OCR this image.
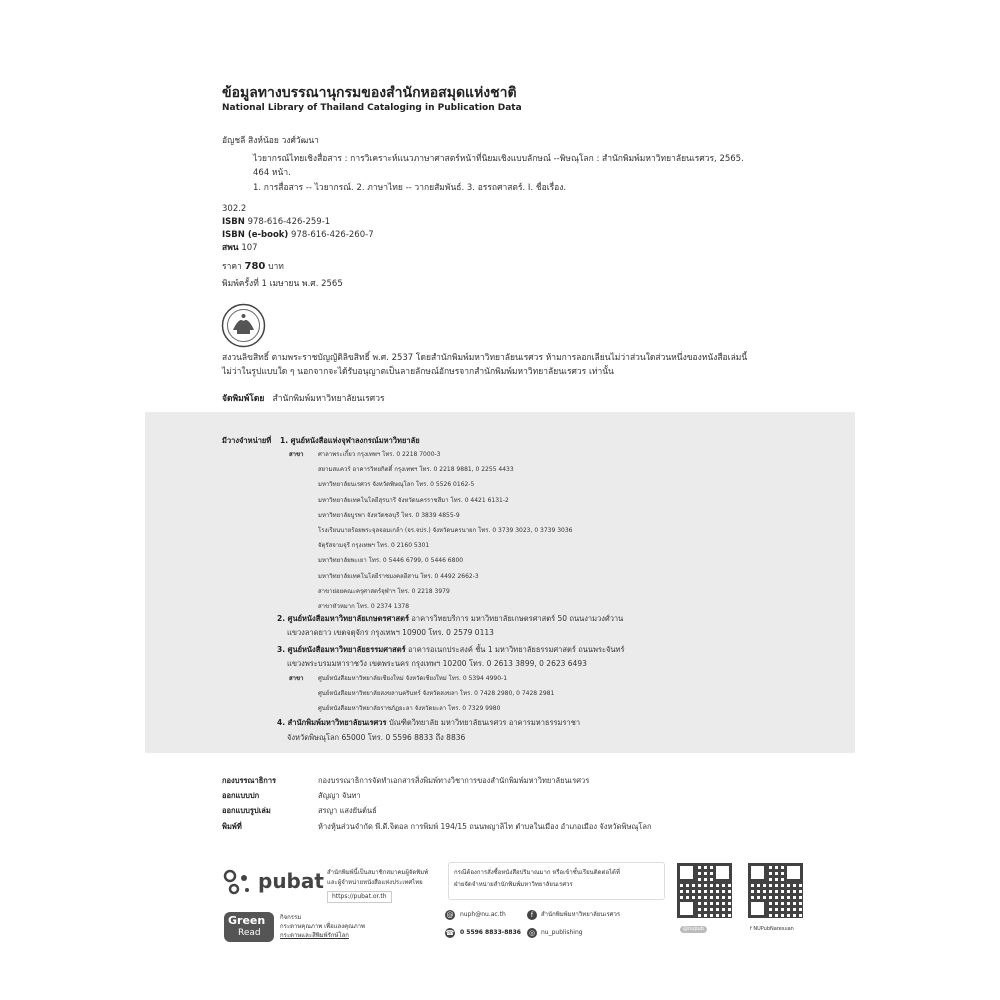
ข้อมูลทางบรรณานุกรมของสำนักหอสมุดแห่งชาติ
National Library of Thailand Cataloging in Publication Data
อัญชลี สิงห์น้อย วงศ์วัฒนา
ไวยากรณ์ไทยเชิงสื่อสาร : การวิเคราะห์แนวภาษาศาสตร์หน้าที่นิยมเชิงแบบลักษณ์ --พิษณุโลก : สำนักพิมพ์มหาวิทยาลัยนเรศวร, 2565.
464 หน้า.
1. การสื่อสาร -- ไวยากรณ์. 2. ภาษาไทย -- วากยสัมพันธ์. 3. อรรถศาสตร์. I. ชื่อเรื่อง.
302.2
ISBN 978-616-426-259-1
ISBN (e-book) 978-616-426-260-7
สพน 107
ราคา 780 บาท
พิมพ์ครั้งที่ 1 เมษายน พ.ศ. 2565
สงวนลิขสิทธิ์ ตามพระราชบัญญัติลิขสิทธิ์ พ.ศ. 2537 โดยสำนักพิมพ์มหาวิทยาลัยนเรศวร ห้ามการลอกเลียนไม่ว่าส่วนใดส่วนหนึ่งของหนังสือเล่มนี้
ไม่ว่าในรูปแบบใด ๆ นอกจากจะได้รับอนุญาตเป็นลายลักษณ์อักษรจากสำนักพิมพ์มหาวิทยาลัยนเรศวร เท่านั้น
จัดพิมพ์โดย สำนักพิมพ์มหาวิทยาลัยนเรศวร
มีวางจำหน่ายที่ 1. ศูนย์หนังสือแห่งจุฬาลงกรณ์มหาวิทยาลัย
สาขา ศาลาพระเกี้ยว กรุงเทพฯ โทร. 0 2218 7000-3
สยามสแควร์ อาคารวิทยกิตติ์ กรุงเทพฯ โทร. 0 2218 9881, 0 2255 4433
มหาวิทยาลัยนเรศวร จังหวัดพิษณุโลก โทร. 0 5526 0162-5
มหาวิทยาลัยเทคโนโลยีสุรนารี จังหวัดนครราชสีมา โทร. 0 4421 6131-2
มหาวิทยาลัยบูรพา จังหวัดชลบุรี โทร. 0 3839 4855-9
โรงเรียนนายร้อยพระจุลจอมเกล้า (จร.จปร.) จังหวัดนครนายก โทร. 0 3739 3023, 0 3739 3036
จัตุรัสจามจุรี กรุงเทพฯ โทร. 0 2160 5301
มหาวิทยาลัยพะเยา โทร. 0 5446 6799, 0 5446 6800
มหาวิทยาลัยเทคโนโลยีราชมงคลอีสาน โทร. 0 4492 2662-3
สาขาย่อยคณะครุศาสตร์จุฬาฯ โทร. 0 2218 3979
สาขาหัวหมาก โทร. 0 2374 1378
2. ศูนย์หนังสือมหาวิทยาลัยเกษตรศาสตร์ อาคารวิทยบริการ มหาวิทยาลัยเกษตรศาสตร์ 50 ถนนงามวงศ์วาน
แขวงลาดยาว เขตจตุจักร กรุงเทพฯ 10900 โทร. 0 2579 0113
3. ศูนย์หนังสือมหาวิทยาลัยธรรมศาสตร์ อาคารอเนกประสงค์ ชั้น 1 มหาวิทยาลัยธรรมศาสตร์ ถนนพระจันทร์
แขวงพระบรมมหาราชวัง เขตพระนคร กรุงเทพฯ 10200 โทร. 0 2613 3899, 0 2623 6493
สาขา ศูนย์หนังสือมหาวิทยาลัยเชียงใหม่ จังหวัดเชียงใหม่ โทร. 0 5394 4990-1
ศูนย์หนังสือมหาวิทยาลัยสงขลานครินทร์ จังหวัดสงขลา โทร. 0 7428 2980, 0 7428 2981
ศูนย์หนังสือมหาวิทยาลัยราชภัฏยะลา จังหวัดยะลา โทร. 0 7329 9980
4. สำนักพิมพ์มหาวิทยาลัยนเรศวร บัณฑิตวิทยาลัย มหาวิทยาลัยนเรศวร อาคารมหาธรรมราชา
จังหวัดพิษณุโลก 65000 โทร. 0 5596 8833 ถึง 8836
กองบรรณาธิการ	กองบรรณาธิการจัดทำเอกสารสิ่งพิมพ์ทางวิชาการของสำนักพิมพ์มหาวิทยาลัยนเรศวร
ออกแบบปก	สัญญา จันทา
ออกแบบรูปเล่ม	สรญา แสงยันต์นธ์
พิมพ์ที่	ห้างหุ้นส่วนจำกัด พี.ดี.จิตอล การพิมพ์ 194/15 ถนนพญาลิไท ตำบลในเมือง อำเภอเมือง จังหวัดพิษณุโลก
pubat สำนักพิมพ์นี้เป็นสมาชิกสมาคมผู้จัดพิมพ์
และผู้จำหน่ายหนังสือแห่งประเทศไทย
https://pubat.or.th
Green
Read
กิจกรรม
กระดาษคุณภาพ เพื่อแลงคุณภาพ
กระดาษและสีพิมพ์รักษ์โลก
กรณีต้องการสั่งซื้อหนังสือปริมาณมาก หรือเข้าชั้นเรียนติดต่อได้ที่
ฝ่ายจัดจำหน่ายสำนักพิมพ์มหาวิทยาลัยนเรศวร
@ nuph@nu.ac.th	f	สำนักพิมพ์มหาวิทยาลัยนเรศวร
☎ 0 5596 8833-8836 ◎ nu_publishing	@nupub	f NUPubNaresuan
